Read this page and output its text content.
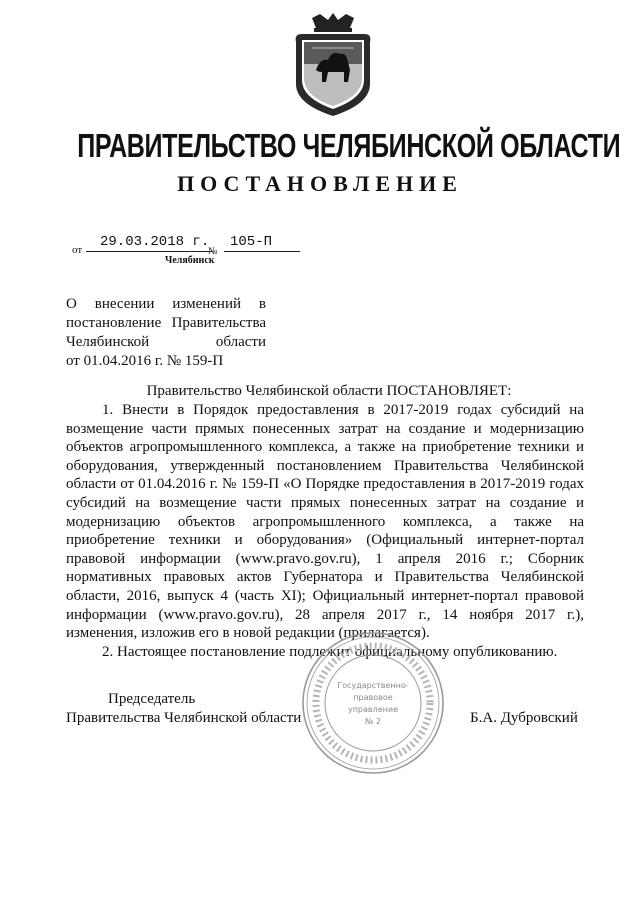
ПРАВИТЕЛЬСТВО ЧЕЛЯБИНСКОЙ ОБЛАСТИ
ПОСТАНОВЛЕНИЕ
от 29.03.2018 г.
№
105-П
Челябинск
О внесении изменений в
постановление Правительства
Челябинской области
от 01.04.2016 г. № 159-П
Правительство Челябинской области ПОСТАНОВЛЯЕТ:

1. Внести в Порядок предоставления в 2017-2019 годах субсидий на возмещение части прямых понесенных затрат на создание и модернизацию объектов агропромышленного комплекса, а также на приобретение техники и оборудования, утвержденный постановлением Правительства Челябинской области от 01.04.2016 г. № 159-П «О Порядке предоставления в 2017-2019 годах субсидий на возмещение части прямых понесенных затрат на создание и модернизацию объектов агропромышленного комплекса, а также на приобретение техники и оборудования» (Официальный интернет-портал правовой информации (www.pravo.gov.ru), 1 апреля 2016 г.; Сборник нормативных правовых актов Губернатора и Правительства Челябинской области, 2016, выпуск 4 (часть XI); Официальный интернет-портал правовой информации (www.pravo.gov.ru), 28 апреля 2017 г., 14 ноября 2017 г.), изменения, изложив его в новой редакции (прилагается).

2. Настоящее постановление подлежит официальному опубликованию.

Председатель
Правительства Челябинской области	Б.А. Дубровский
Государственно-
правовое
управление
№ 2
